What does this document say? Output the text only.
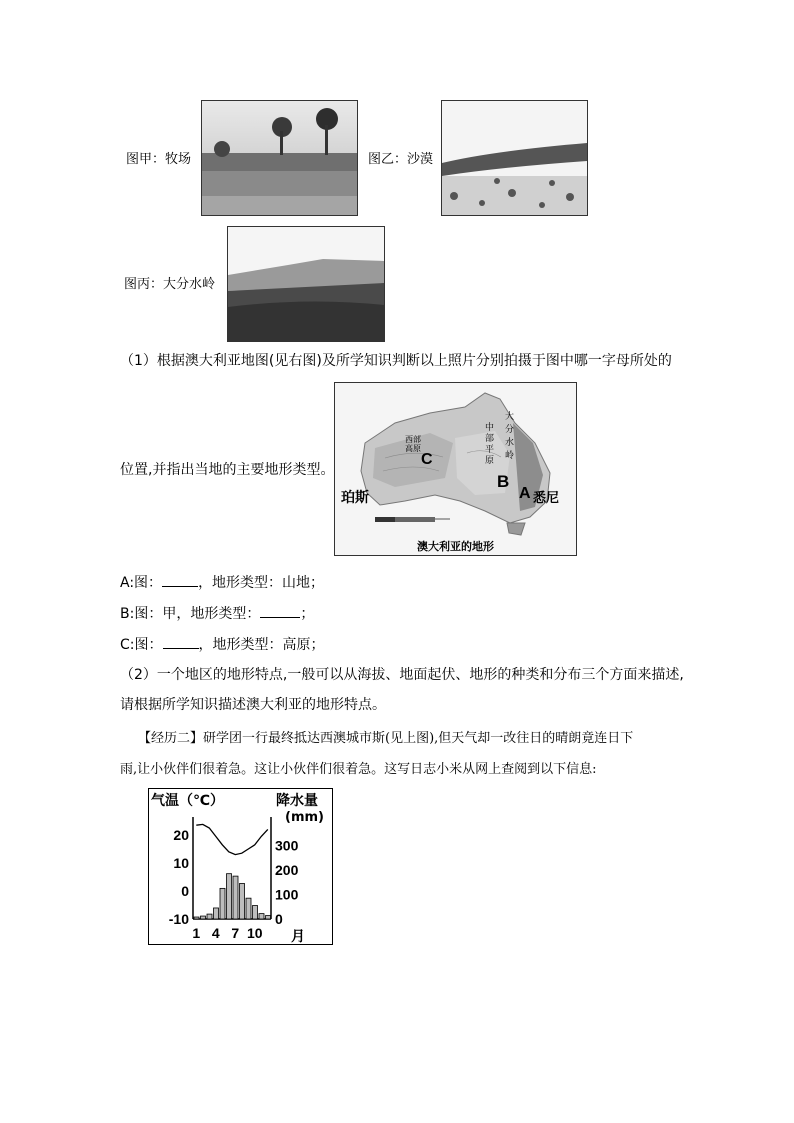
图甲：牧场	图乙：沙漠
图丙：大分水岭
（1）根据澳大利亚地图(见右图)及所学知识判断以上照片分别拍摄于图中哪一字母所处的
位置,并指出当地的主要地形类型。
C
B
A
珀斯	悉尼
西部高原
中部平原
大分水岭
澳大利亚的地形
A:图：	，地形类型：山地；
B:图：甲，地形类型：	；
C:图：	，地形类型：高原；
（2）一个地区的地形特点,一般可以从海拔、地面起伏、地形的种类和分布三个方面来描述,
请根据所学知识描述澳大利亚的地形特点。
【经历二】研学团一行最终抵达西澳城市斯(见上图),但天气却一改往日的晴朗竟连日下
雨,让小伙伴们很着急。这让小伙伴们很着急。这写日志小米从网上查阅到以下信息:
20
10
0
-10
300
200
100
0
1 4 7 10
气温（℃）	降水量
(mm)
月
